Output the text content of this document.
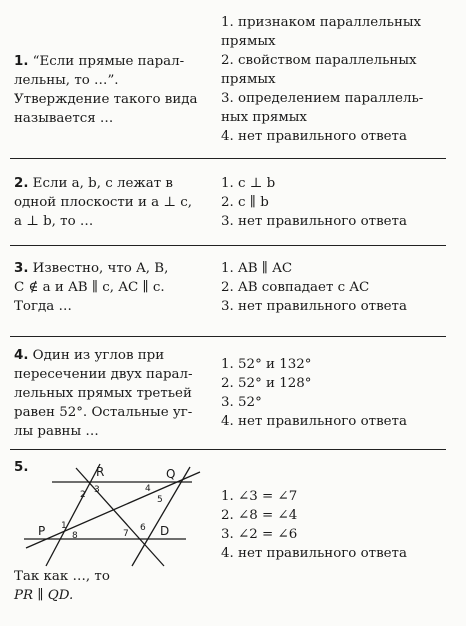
1. “Если прямые парал-
лельны, то …”.
Утверждение такого вида
называется …
1. признаком параллельных
прямых
2. свойством параллельных
прямых
3. определением параллель-
ных прямых
4. нет правильного ответа
2. Если a, b, c лежат в
одной плоскости и a ⊥ c,
a ⊥ b, то …
1. c ⊥ b
2. c ∥ b
3. нет правильного ответа
3. Известно, что A, B,
C ∉ a и AB ∥ c, AC ∥ c.
Тогда …
1. AB ∥ AC
2. AB совпадает с AC
3. нет правильного ответа
4. Один из углов при
пересечении двух парал-
лельных прямых третьей
равен 52°. Остальные уг-
лы равны …
1. 52° и 132°
2. 52° и 128°
3. 52°
4. нет правильного ответа
5.	R	Q
P	D
1
2 3	4
5
6
7
8
Так как …, то
PR ∥ QD.
1. ∠3 = ∠7
2. ∠8 = ∠4
3. ∠2 = ∠6
4. нет правильного ответа
